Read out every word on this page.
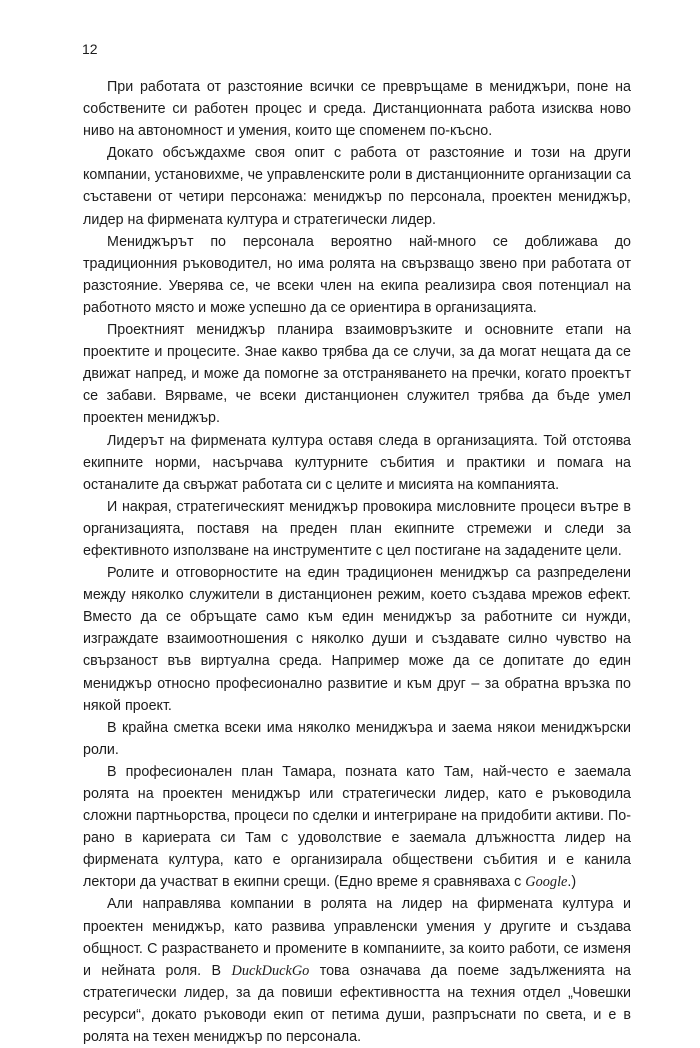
12

При работата от разстояние всички се превръщаме в мениджъри, поне на собствените си работен процес и среда. Дистанционната работа изисква ново ниво на автономност и умения, които ще споменем по-късно.

Докато обсъждахме своя опит с работа от разстояние и този на други компании, установихме, че управленските роли в дистанционните организации са съставени от четири персонажа: мениджър по персонала, проектен мениджър, лидер на фирмената култура и стратегически лидер.

Мениджърът по персонала вероятно най-много се доближава до традиционния ръководител, но има ролята на свързващо звено при работата от разстояние. Уверява се, че всеки член на екипа реализира своя потенциал на работното място и може успешно да се ориентира в организацията.

Проектният мениджър планира взаимовръзките и основните етапи на проектите и процесите. Знае какво трябва да се случи, за да могат нещата да се движат напред, и може да помогне за отстраняването на пречки, когато проектът се забави. Вярваме, че всеки дистанционен служител трябва да бъде умел проектен мениджър.

Лидерът на фирмената култура оставя следа в организацията. Той отстоява екипните норми, насърчава културните събития и практики и помага на останалите да свържат работата си с целите и мисията на компанията.

И накрая, стратегическият мениджър провокира мисловните процеси вътре в организацията, поставя на преден план екипните стремежи и следи за ефективното използване на инструментите с цел постигане на зададените цели.

Ролите и отговорностите на един традиционен мениджър са разпределени между няколко служители в дистанционен режим, което създава мрежов ефект. Вместо да се обръщате само към един мениджър за работните си нужди, изграждате взаимоотношения с няколко души и създавате силно чувство на свързаност във виртуална среда. Например може да се допитате до един мениджър относно професионално развитие и към друг – за обратна връзка по някой проект.

В крайна сметка всеки има няколко мениджъра и заема някои мениджърски роли.

В професионален план Тамара, позната като Там, най-често е заемала ролята на проектен мениджър или стратегически лидер, като е ръководила сложни партньорства, процеси по сделки и интегриране на придобити активи. По-рано в кариерата си Там с удоволствие е заемала длъжността лидер на фирмената култура, като е организирала обществени събития и е канила лектори да участват в екипни срещи. (Едно време я сравняваха с Google.)

Али направлява компании в ролята на лидер на фирмената култура и проектен мениджър, като развива управленски умения у другите и създава общност. С разрастването и промените в компаниите, за които работи, се изменя и нейната роля. В DuckDuckGo това означава да поеме задълженията на стратегически лидер, за да повиши ефективността на техния отдел „Човешки ресурси“, докато ръководи екип от петима души, разпръснати по света, и е в ролята на техен мениджър по персонала.
